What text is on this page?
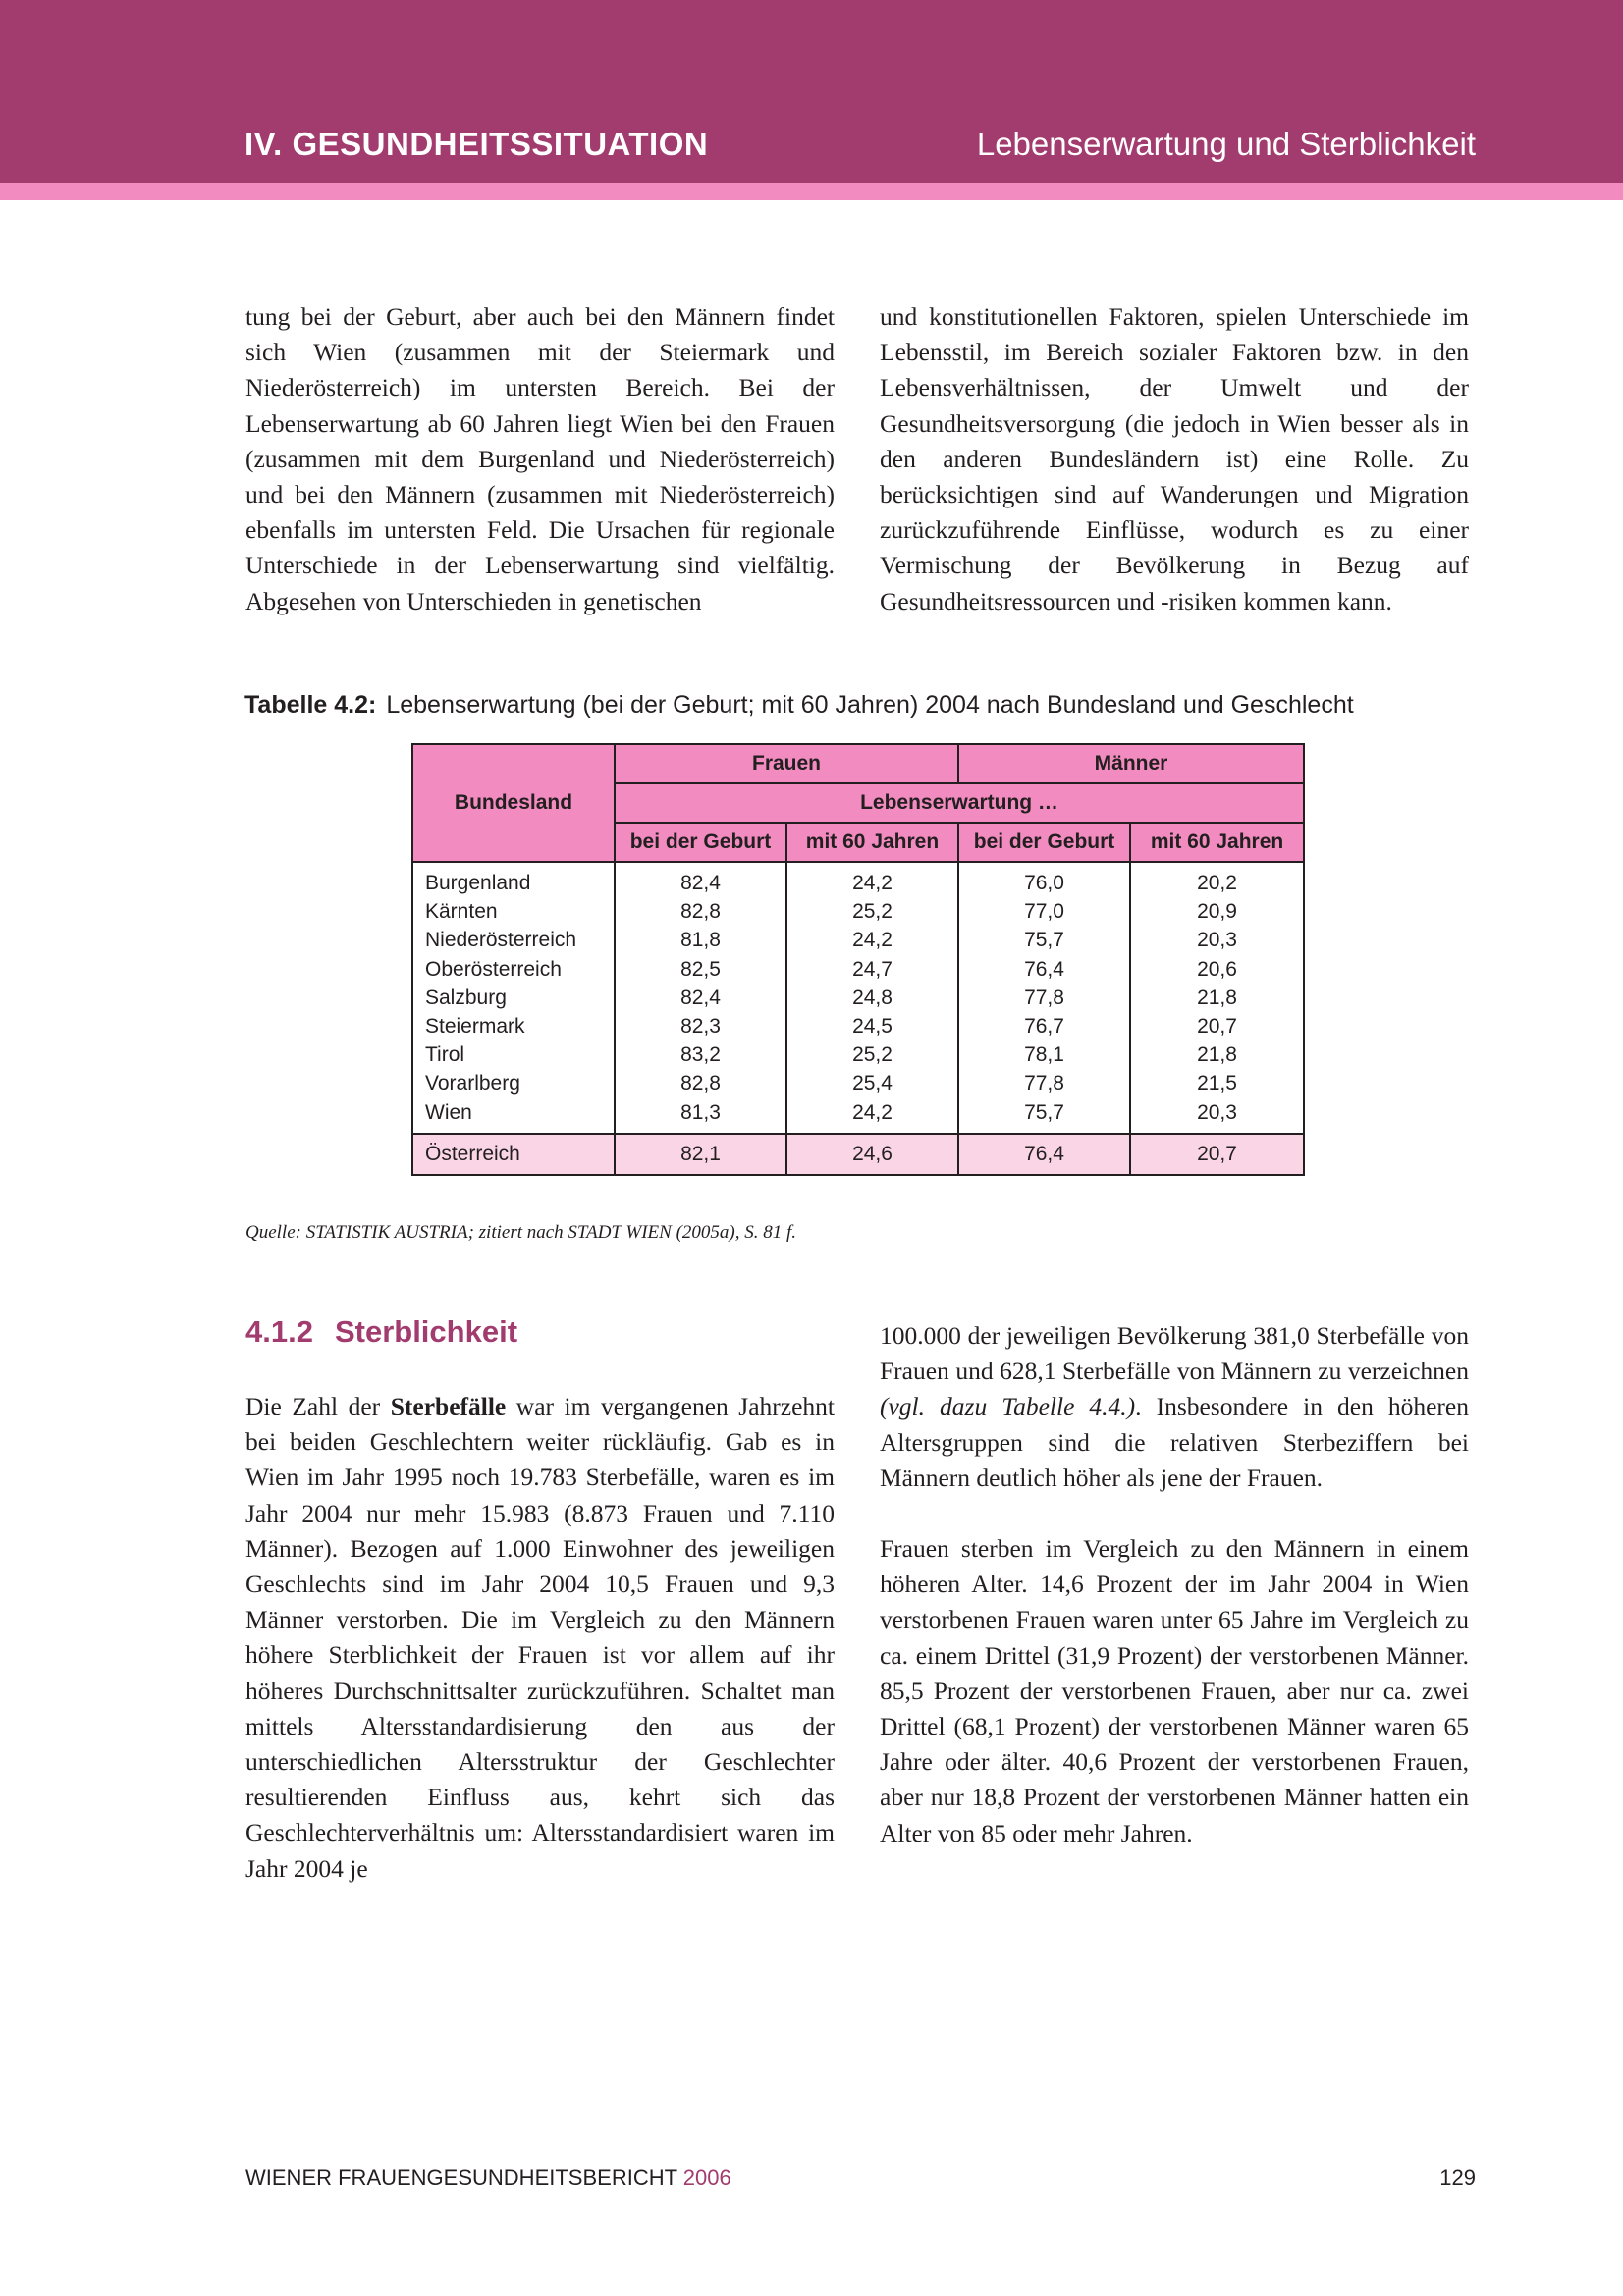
IV. GESUNDHEITSSITUATION	Lebenserwartung und Sterblichkeit

tung bei der Geburt, aber auch bei den Männern findet sich Wien (zusammen mit der Steiermark und Niederösterreich) im untersten Bereich. Bei der Lebenserwartung ab 60 Jahren liegt Wien bei den Frauen (zusammen mit dem Burgenland und Niederösterreich) und bei den Männern (zusammen mit Niederösterreich) ebenfalls im untersten Feld. Die Ursachen für regionale Unterschiede in der Lebenserwartung sind vielfältig. Abgesehen von Unterschieden in genetischen

und konstitutionellen Faktoren, spielen Unterschiede im Lebensstil, im Bereich sozialer Faktoren bzw. in den Lebensverhältnissen, der Umwelt und der Gesundheitsversorgung (die jedoch in Wien besser als in den anderen Bundesländern ist) eine Rolle. Zu berücksichtigen sind auf Wanderungen und Migration zurückzuführende Einflüsse, wodurch es zu einer Vermischung der Bevölkerung in Bezug auf Gesundheitsressourcen und -risiken kommen kann.

Tabelle 4.2: Lebenserwartung (bei der Geburt; mit 60 Jahren) 2004 nach Bundesland und Geschlecht
Bundesland	Frauen		Männer	
	Lebenserwartung …			
	bei der Geburt	mit 60 Jahren	bei der Geburt	mit 60 Jahren
Burgenland	82,4	24,2	76,0	20,2
Kärnten	82,8	25,2	77,0	20,9
Niederösterreich	81,8	24,2	75,7	20,3
Oberösterreich	82,5	24,7	76,4	20,6
Salzburg	82,4	24,8	77,8	21,8
Steiermark	82,3	24,5	76,7	20,7
Tirol	83,2	25,2	78,1	21,8
Vorarlberg	82,8	25,4	77,8	21,5
Wien	81,3	24,2	75,7	20,3
Österreich	82,1	24,6	76,4	20,7
Quelle: STATISTIK AUSTRIA; zitiert nach STADT WIEN (2005a), S. 81 f.
4.1.2 Sterblichkeit

Die Zahl der Sterbefälle war im vergangenen Jahrzehnt bei beiden Geschlechtern weiter rückläufig. Gab es in Wien im Jahr 1995 noch 19.783 Sterbefälle, waren es im Jahr 2004 nur mehr 15.983 (8.873 Frauen und 7.110 Männer). Bezogen auf 1.000 Einwohner des jeweiligen Geschlechts sind im Jahr 2004 10,5 Frauen und 9,3 Männer verstorben. Die im Vergleich zu den Männern höhere Sterblichkeit der Frauen ist vor allem auf ihr höheres Durchschnittsalter zurückzuführen. Schaltet man mittels Altersstandardisierung den aus der unterschiedlichen Altersstruktur der Geschlechter resultierenden Einfluss aus, kehrt sich das Geschlechterverhältnis um: Altersstandardisiert waren im Jahr 2004 je

100.000 der jeweiligen Bevölkerung 381,0 Sterbefälle von Frauen und 628,1 Sterbefälle von Männern zu verzeichnen (vgl. dazu Tabelle 4.4.). Insbesondere in den höheren Altersgruppen sind die relativen Sterbeziffern bei Männern deutlich höher als jene der Frauen.

Frauen sterben im Vergleich zu den Männern in einem höheren Alter. 14,6 Prozent der im Jahr 2004 in Wien verstorbenen Frauen waren unter 65 Jahre im Vergleich zu ca. einem Drittel (31,9 Prozent) der verstorbenen Männer. 85,5 Prozent der verstorbenen Frauen, aber nur ca. zwei Drittel (68,1 Prozent) der verstorbenen Männer waren 65 Jahre oder älter. 40,6 Prozent der verstorbenen Frauen, aber nur 18,8 Prozent der verstorbenen Männer hatten ein Alter von 85 oder mehr Jahren.

WIENER FRAUENGESUNDHEITSBERICHT 2006	129
